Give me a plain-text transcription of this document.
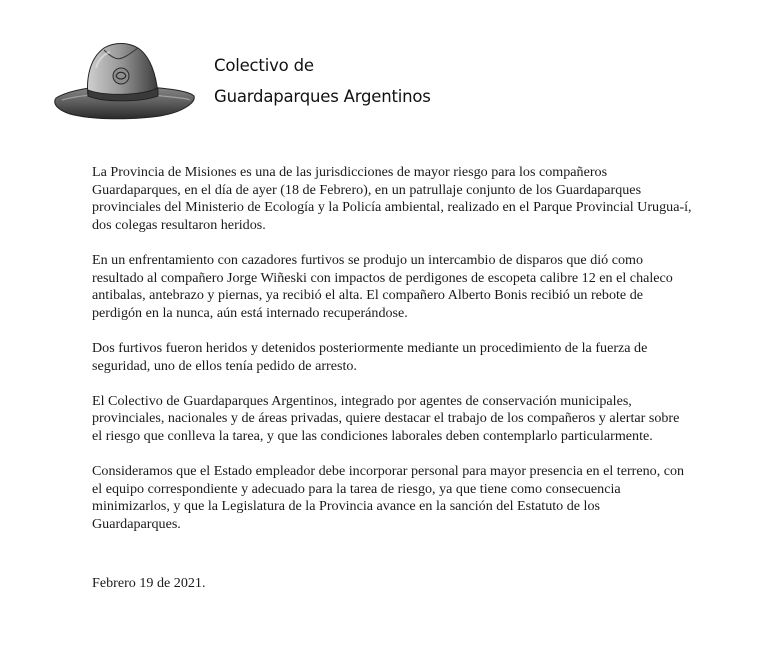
Colectivo de
Guardaparques Argentinos

La Provincia de Misiones es una de las jurisdicciones de mayor riesgo para los compañeros Guardaparques, en el día de ayer (18 de Febrero), en un patrullaje conjunto de los Guardaparques provinciales del Ministerio de Ecología y la Policía ambiental, realizado en el Parque Provincial Urugua-í, dos colegas resultaron heridos.

En un enfrentamiento con cazadores furtivos se produjo un intercambio de disparos que dió como resultado al compañero Jorge Wiñeski con impactos de perdigones de escopeta calibre 12 en el chaleco antibalas, antebrazo y piernas, ya recibió el alta. El compañero Alberto Bonis recibió un rebote de perdigón en la nunca, aún está internado recuperándose.

Dos furtivos fueron heridos y detenidos posteriormente mediante un procedimiento de la fuerza de seguridad, uno de ellos tenía pedido de arresto.

El Colectivo de Guardaparques Argentinos, integrado por agentes de conservación municipales, provinciales, nacionales y de áreas privadas, quiere destacar el trabajo de los compañeros y alertar sobre el riesgo que conlleva la tarea, y que las condiciones laborales deben contemplarlo particularmente.

Consideramos que el Estado empleador debe incorporar personal para mayor presencia en el terreno, con el equipo correspondiente y adecuado para la tarea de riesgo, ya que tiene como consecuencia minimizarlos, y que la Legislatura de la Provincia avance en la sanción del Estatuto de los Guardaparques.

Febrero 19 de 2021.
